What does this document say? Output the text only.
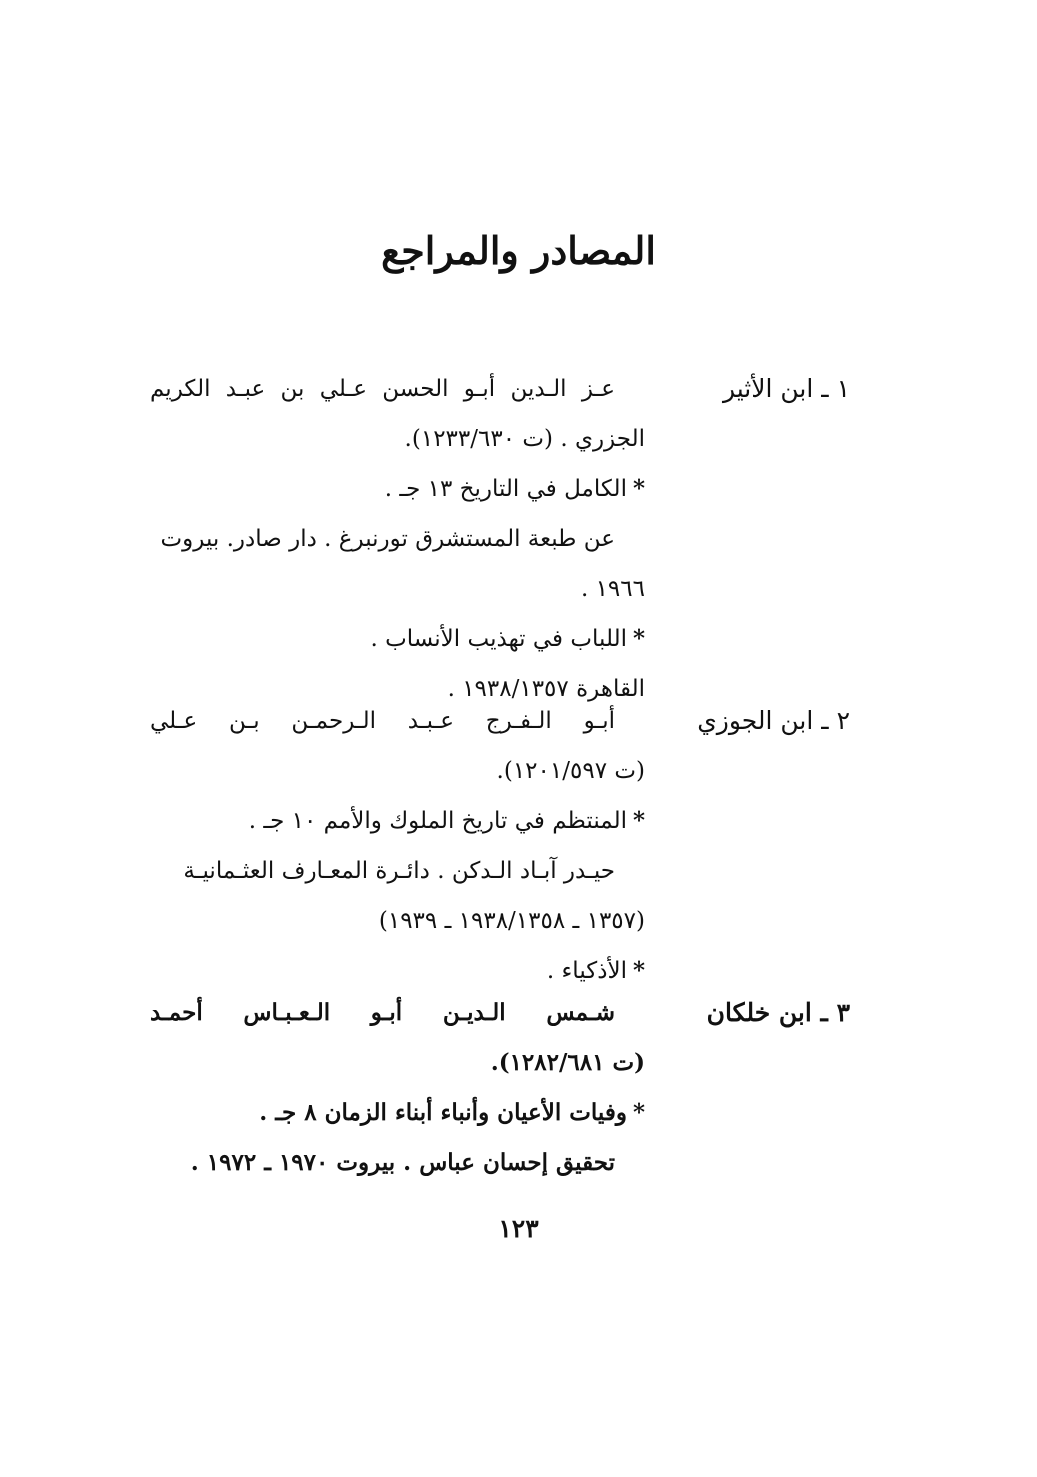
المصادر والمراجع
١ ـ ابن الأثير
عـز الـدين أبـو الحسن عـلي بن عبـد الكريم
الجزري . (ت ١٢٣٣/٦٣٠).
*الكامل في التاريخ ١٣ جـ .
عن طبعة المستشرق تورنبرغ . دار صادر. بيروت
١٩٦٦ .
*اللباب في تهذيب الأنساب .
القاهرة ١٩٣٨/١٣٥٧ .
٢ ـ ابن الجوزي
أبـو الـفـرج عـبـد الـرحمـن بـن عـلي
(ت ١٢٠١/٥٩٧).
*المنتظم في تاريخ الملوك والأمم ١٠ جـ .
حيـدر آبـاد الـدكن . دائـرة المعـارف العثـمانيـة
(١٣٥٧ ـ ١٩٣٨/١٣٥٨ ـ ١٩٣٩)
*الأذكياء .
٣ ـ ابن خلكان
شـمس الـديـن أبـو الـعـبـاس أحمـد
(ت ١٢٨٢/٦٨١).
*وفيات الأعيان وأنباء أبناء الزمان ٨ جـ .
تحقيق إحسان عباس . بيروت ١٩٧٠ ـ ١٩٧٢ .
١٢٣
